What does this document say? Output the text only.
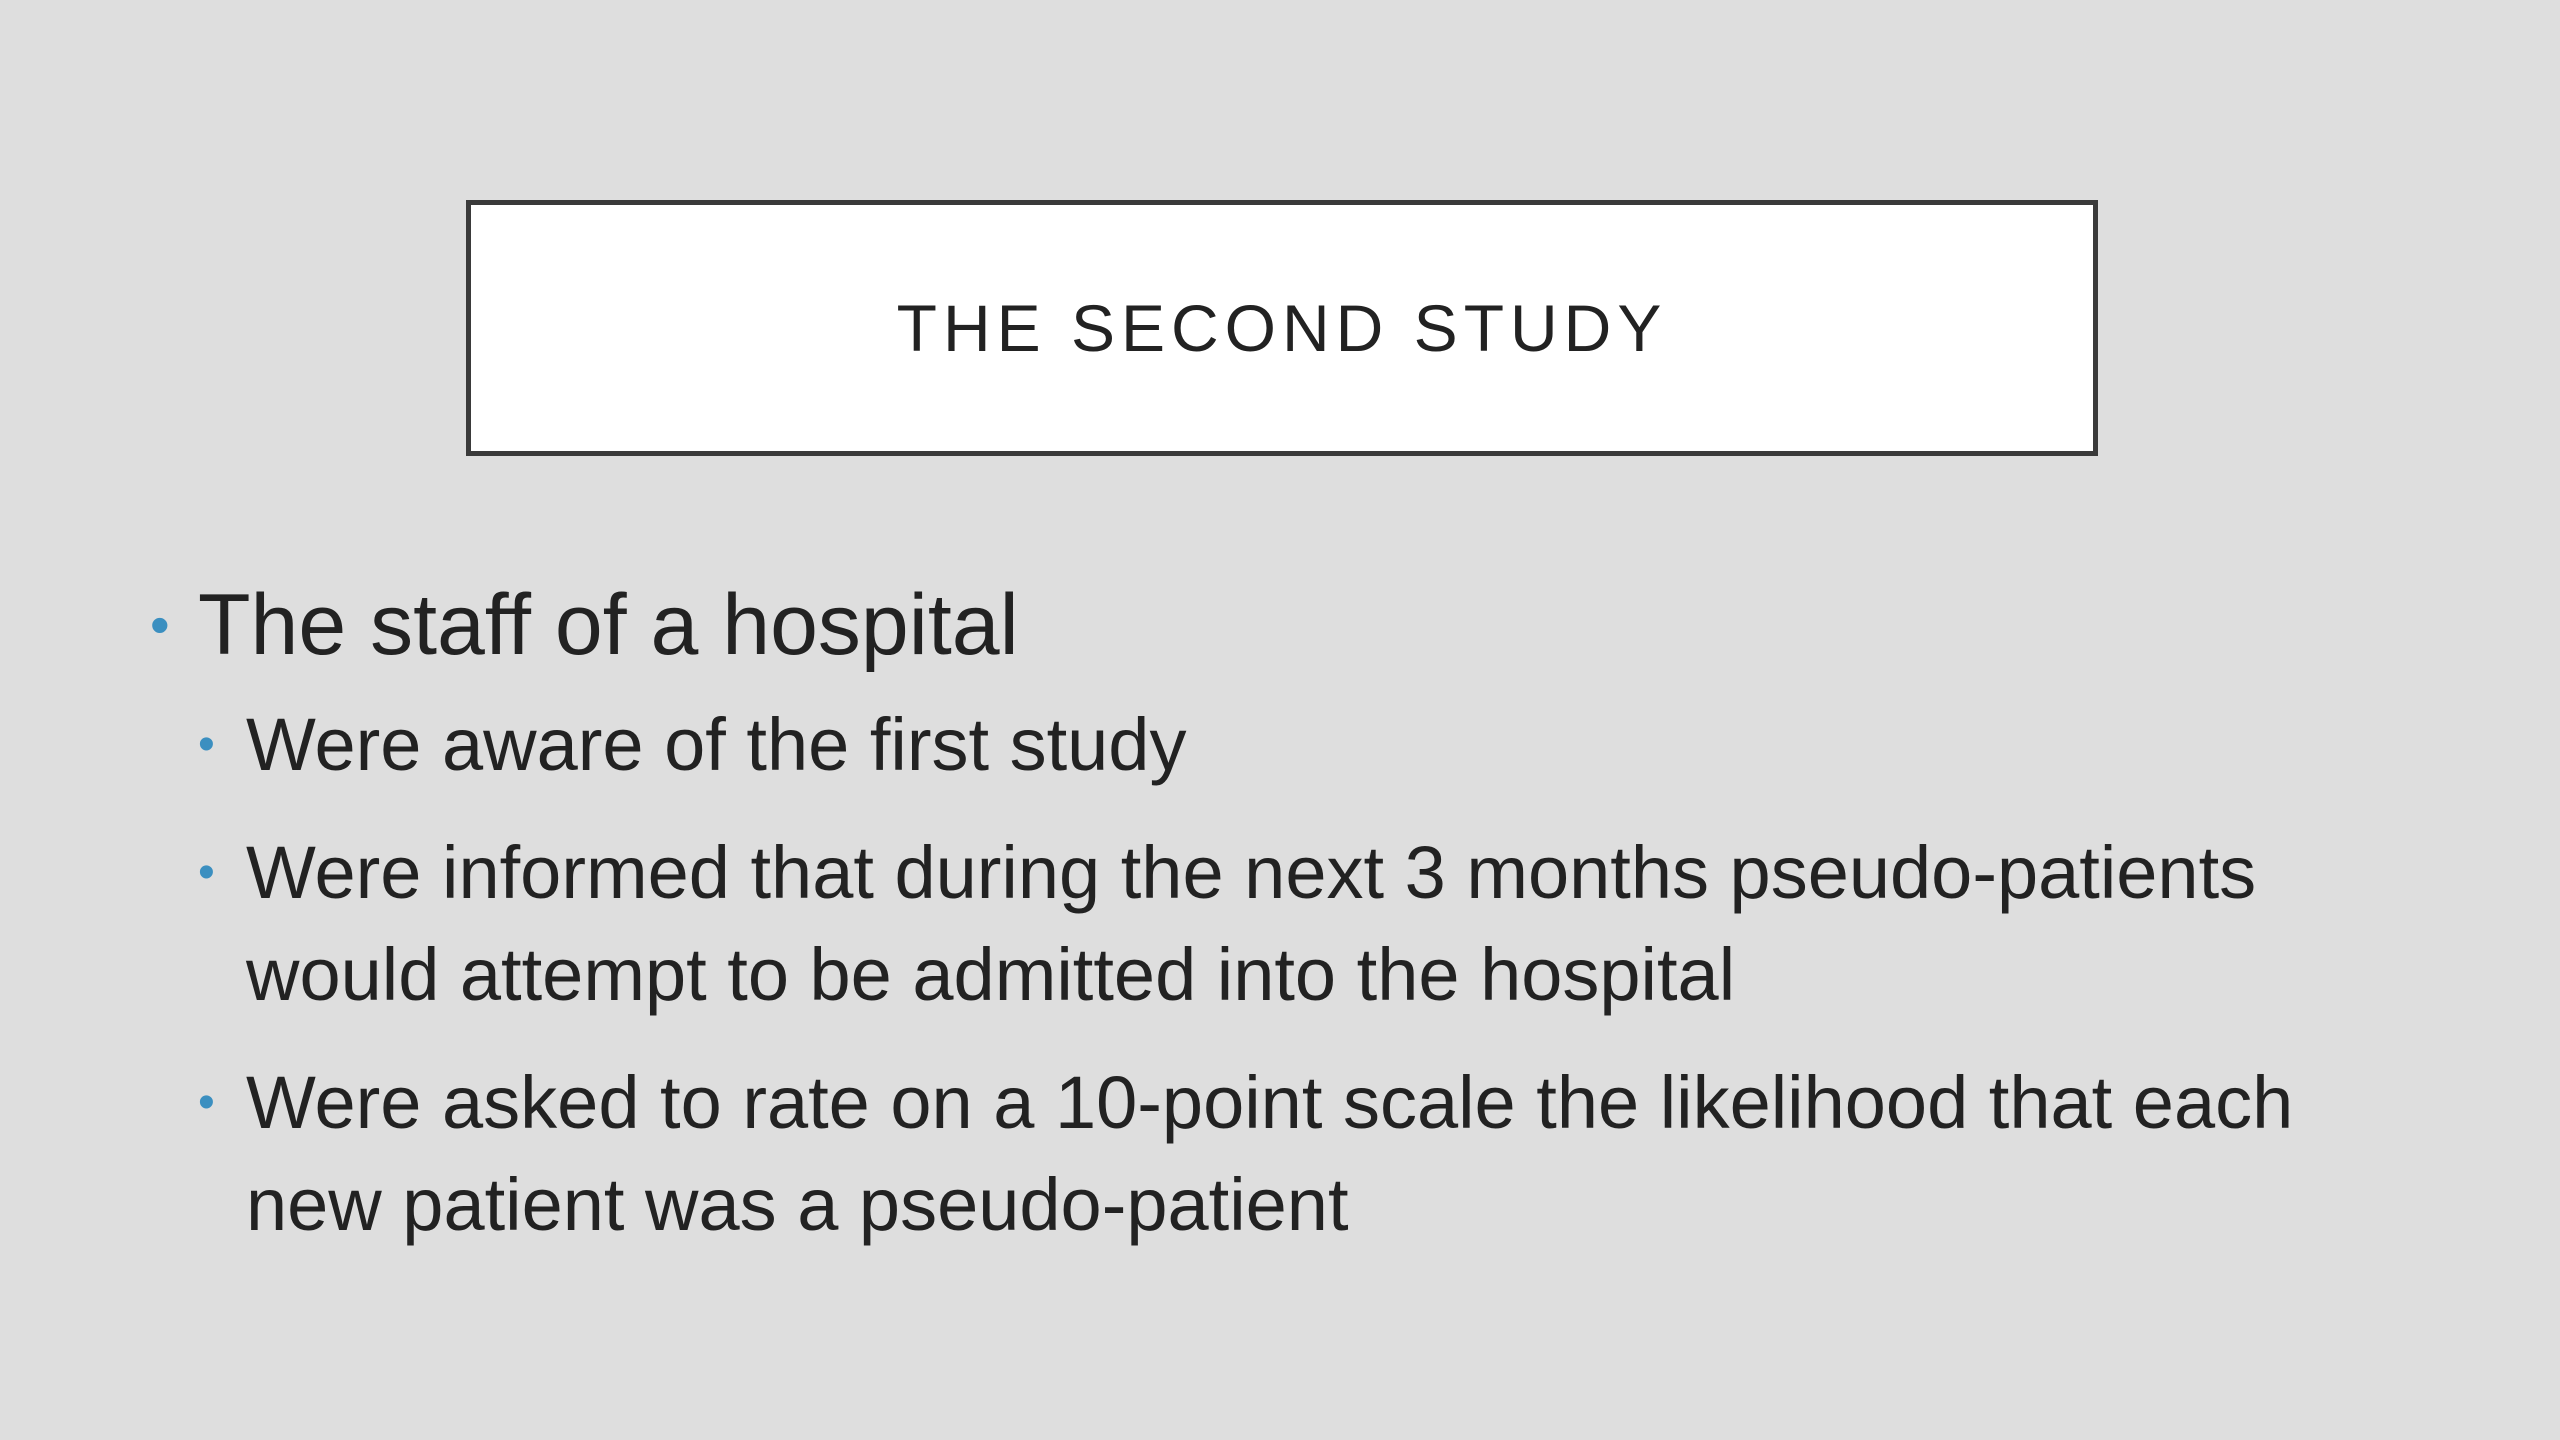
THE SECOND STUDY
• The staff of a hospital
• Were aware of the first study
• Were informed that during the next 3 months pseudo-patients would attempt to be admitted into the hospital
• Were asked to rate on a 10-point scale the likelihood that each new patient was a pseudo-patient
